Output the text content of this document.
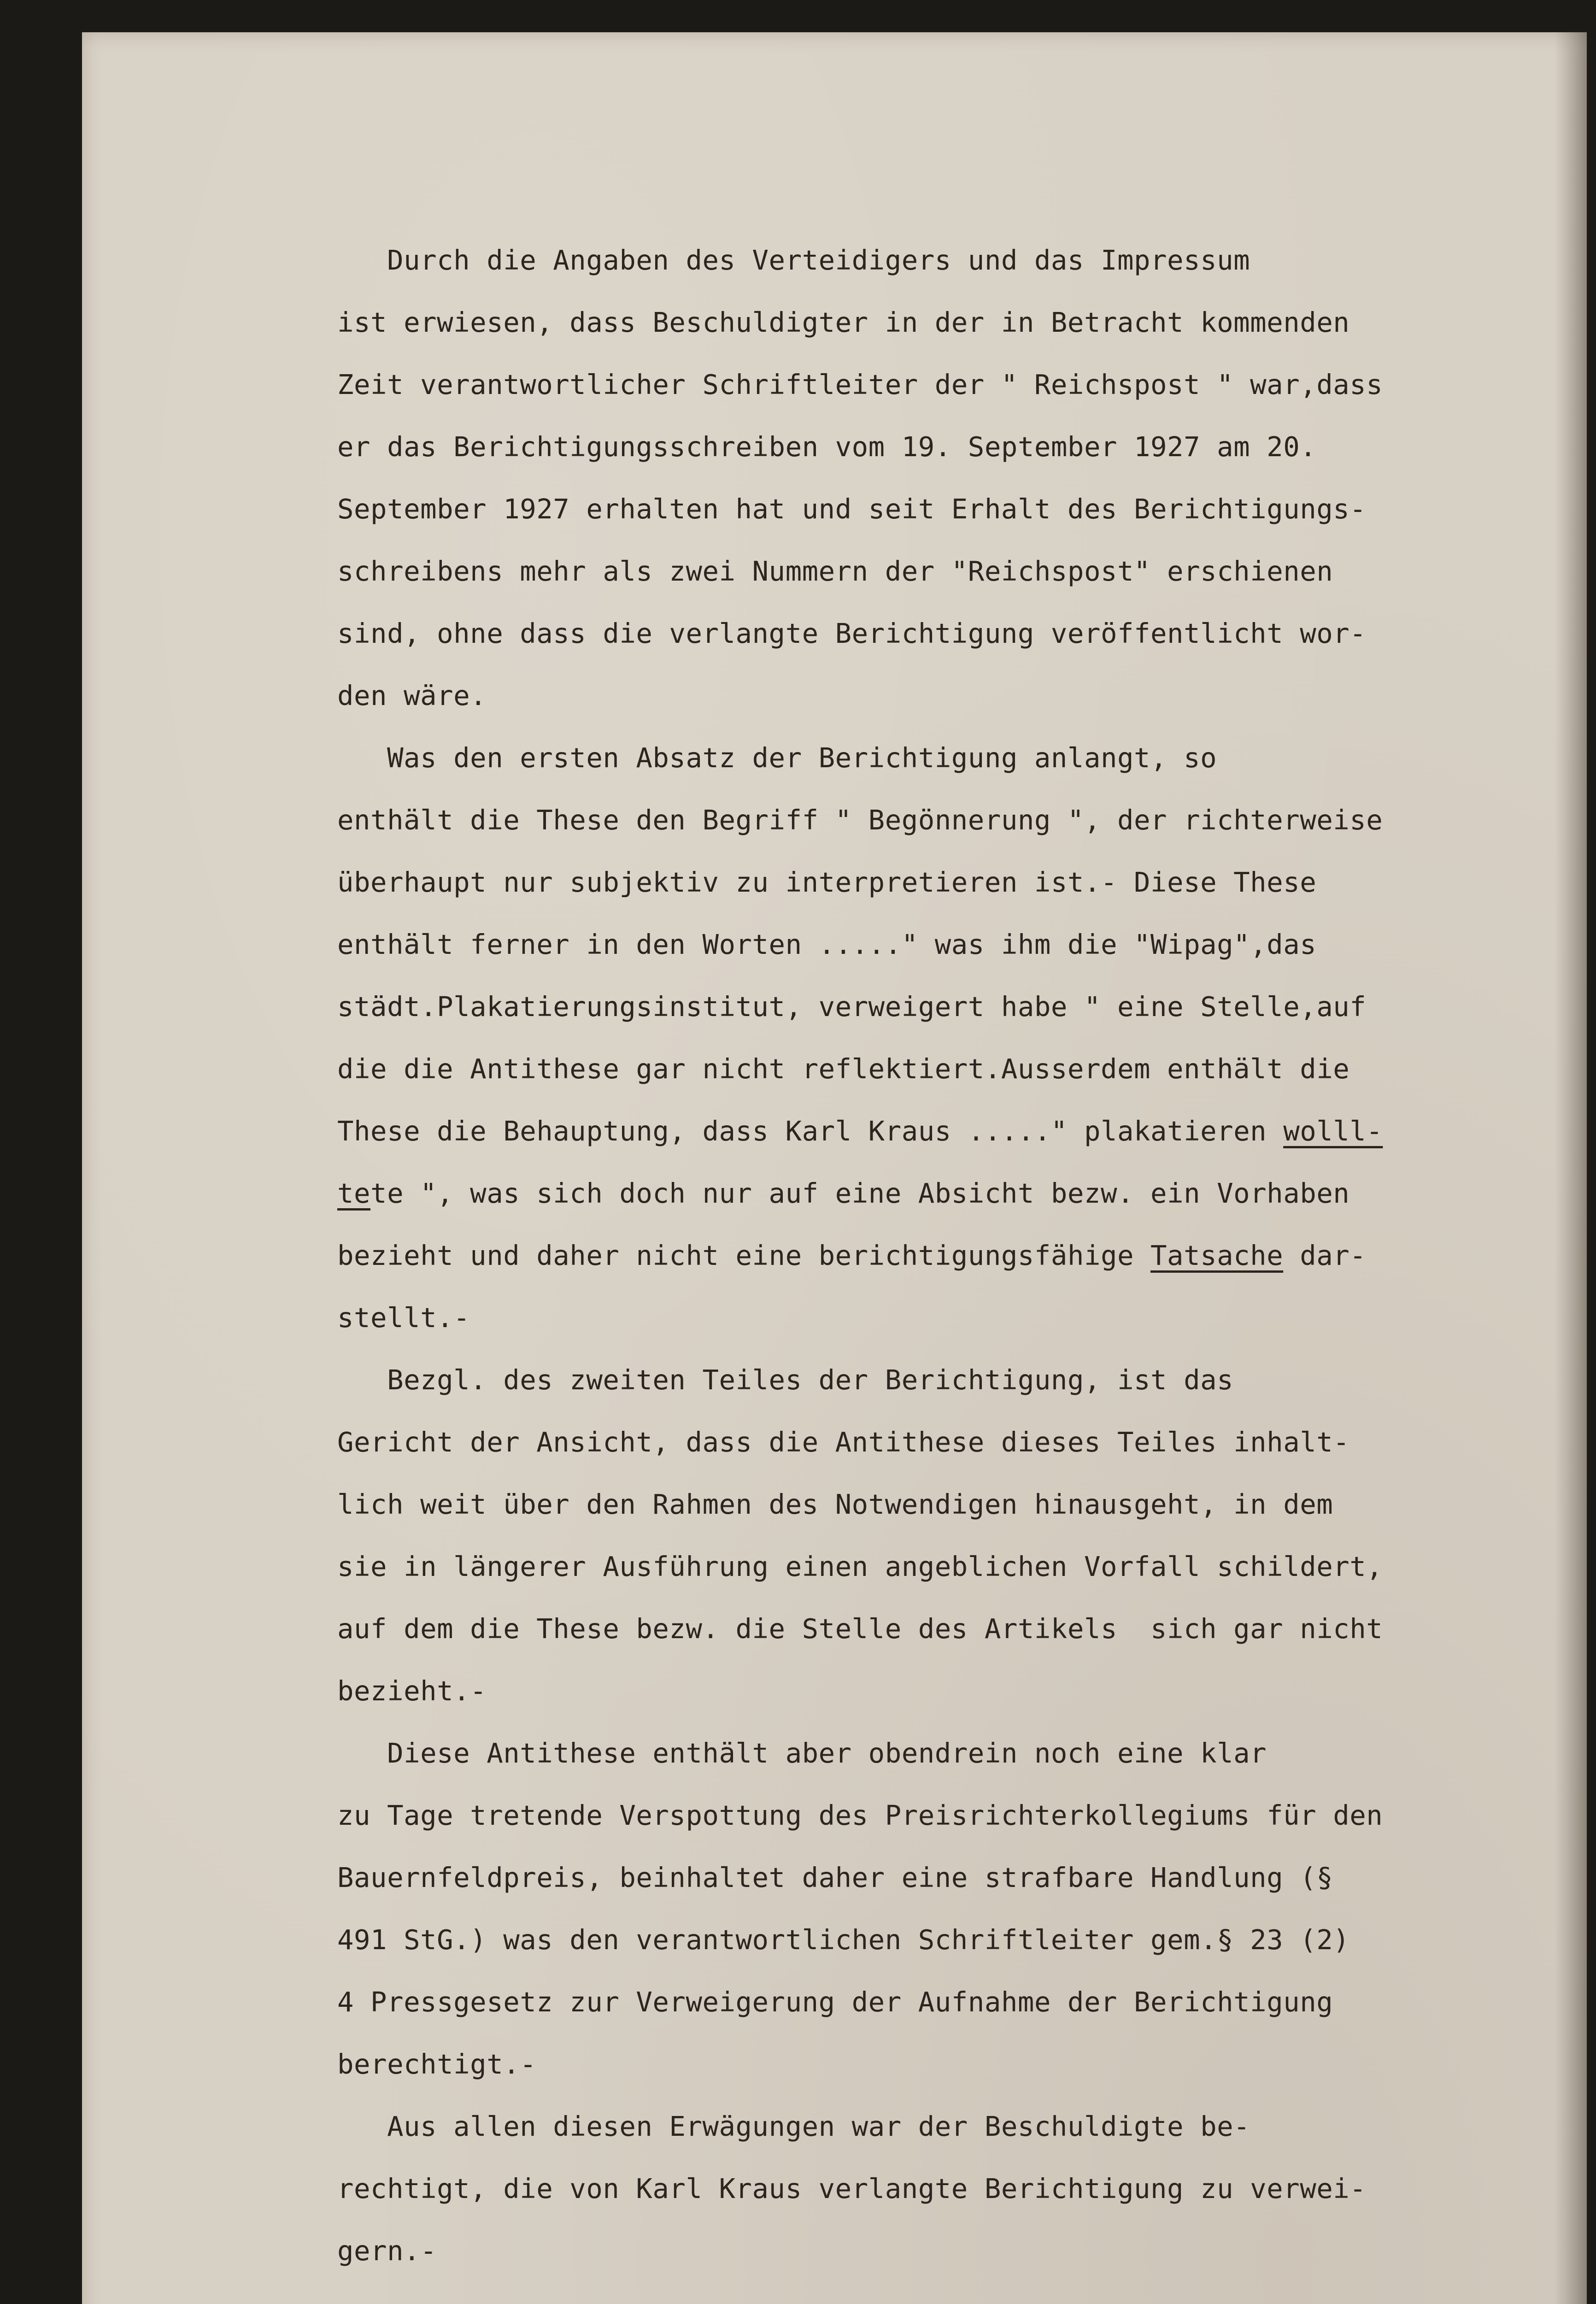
Durch die Angaben des Verteidigers und das Impressum

ist erwiesen, dass Beschuldigter in der in Betracht kommenden

Zeit verantwortlicher Schriftleiter der " Reichspost " war,dass

er das Berichtigungsschreiben vom 19. September 1927 am 20.

September 1927 erhalten hat und seit Erhalt des Berichtigungs-

schreibens mehr als zwei Nummern der "Reichspost" erschienen

sind, ohne dass die verlangte Berichtigung veröffentlicht wor-

den wäre.

Was den ersten Absatz der Berichtigung anlangt, so

enthält die These den Begriff " Begönnerung ", der richterweise

überhaupt nur subjektiv zu interpretieren ist.- Diese These

enthält ferner in den Worten ....." was ihm die "Wipag",das

städt.Plakatierungsinstitut, verweigert habe " eine Stelle,auf

die die Antithese gar nicht reflektiert.Ausserdem enthält die

These die Behauptung, dass Karl Kraus ....." plakatieren wolll-

tete ", was sich doch nur auf eine Absicht bezw. ein Vorhaben

bezieht und daher nicht eine berichtigungsfähige Tatsache dar-

stellt.-

Bezgl. des zweiten Teiles der Berichtigung, ist das

Gericht der Ansicht, dass die Antithese dieses Teiles inhalt-

lich weit über den Rahmen des Notwendigen hinausgeht, in dem

sie in längerer Ausführung einen angeblichen Vorfall schildert,

auf dem die These bezw. die Stelle des Artikels  sich gar nicht

bezieht.-

Diese Antithese enthält aber obendrein noch eine klar

zu Tage tretende Verspottung des Preisrichterkollegiums für den

Bauernfeldpreis, beinhaltet daher eine strafbare Handlung (§

491 StG.) was den verantwortlichen Schriftleiter gem.§ 23 (2)

4 Pressgesetz zur Verweigerung der Aufnahme der Berichtigung

berechtigt.-

Aus allen diesen Erwägungen war der Beschuldigte be-

rechtigt, die von Karl Kraus verlangte Berichtigung zu verwei-

gern.-
